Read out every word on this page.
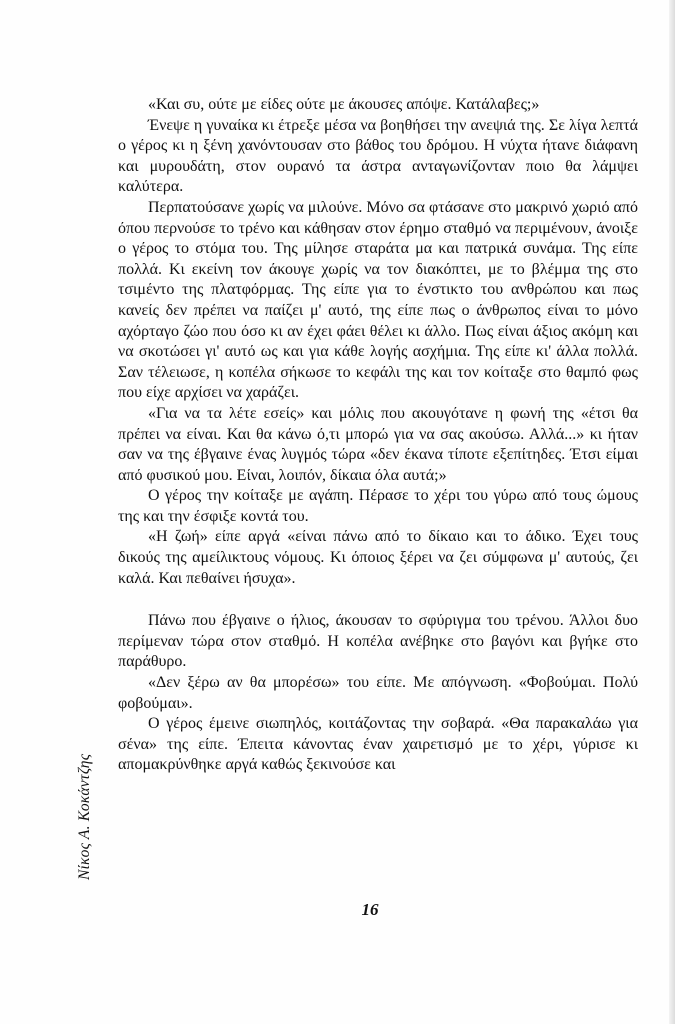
«Και συ, ούτε με είδες ούτε με άκουσες απόψε. Κατάλαβες;»

Ένεψε η γυναίκα κι έτρεξε μέσα να βοηθήσει την ανεψιά της. Σε λίγα λεπτά ο γέρος κι η ξένη χανόντουσαν στο βάθος του δρόμου. Η νύχτα ήτανε διάφανη και μυρουδάτη, στον ουρανό τα άστρα ανταγωνίζονταν ποιο θα λάμψει καλύτερα.

Περπατούσανε χωρίς να μιλούνε. Μόνο σα φτάσανε στο μακρινό χωριό από όπου περνούσε το τρένο και κάθησαν στον έρημο σταθμό να περιμένουν, άνοιξε ο γέρος το στόμα του. Της μίλησε σταράτα μα και πατρικά συνάμα. Της είπε πολλά. Κι εκείνη τον άκουγε χωρίς να τον διακόπτει, με το βλέμμα της στο τσιμέντο της πλατφόρμας. Της είπε για το ένστικτο του ανθρώπου και πως κανείς δεν πρέπει να παίζει μ' αυτό, της είπε πως ο άνθρωπος είναι το μόνο αχόρταγο ζώο που όσο κι αν έχει φάει θέλει κι άλλο. Πως είναι άξιος ακόμη και να σκοτώσει γι' αυτό ως και για κάθε λογής ασχήμια. Της είπε κι' άλλα πολλά. Σαν τέλειωσε, η κοπέλα σήκωσε το κεφάλι της και τον κοίταξε στο θαμπό φως που είχε αρχίσει να χαράζει.

«Για να τα λέτε εσείς» και μόλις που ακουγότανε η φωνή της «έτσι θα πρέπει να είναι. Και θα κάνω ό,τι μπορώ για να σας ακούσω. Αλλά...» κι ήταν σαν να της έβγαινε ένας λυγμός τώρα «δεν έκανα τίποτε εξεπίτηδες. Έτσι είμαι από φυσικού μου. Είναι, λοιπόν, δίκαια όλα αυτά;»

Ο γέρος την κοίταξε με αγάπη. Πέρασε το χέρι του γύρω από τους ώμους της και την έσφιξε κοντά του.

«Η ζωή» είπε αργά «είναι πάνω από το δίκαιο και το άδικο. Έχει τους δικούς της αμείλικτους νόμους. Κι όποιος ξέρει να ζει σύμφωνα μ' αυτούς, ζει καλά. Και πεθαίνει ήσυχα».

Πάνω που έβγαινε ο ήλιος, άκουσαν το σφύριγμα του τρένου. Άλλοι δυο περίμεναν τώρα στον σταθμό. Η κοπέλα ανέβηκε στο βαγόνι και βγήκε στο παράθυρο.

«Δεν ξέρω αν θα μπορέσω» του είπε. Με απόγνωση. «Φοβούμαι. Πολύ φοβούμαι».

Ο γέρος έμεινε σιωπηλός, κοιτάζοντας την σοβαρά. «Θα παρακαλάω για σένα» της είπε. Έπειτα κάνοντας έναν χαιρετισμό με το χέρι, γύρισε κι απομακρύνθηκε αργά καθώς ξεκινούσε και

Νίκος Α. Κοκάντζης
16
